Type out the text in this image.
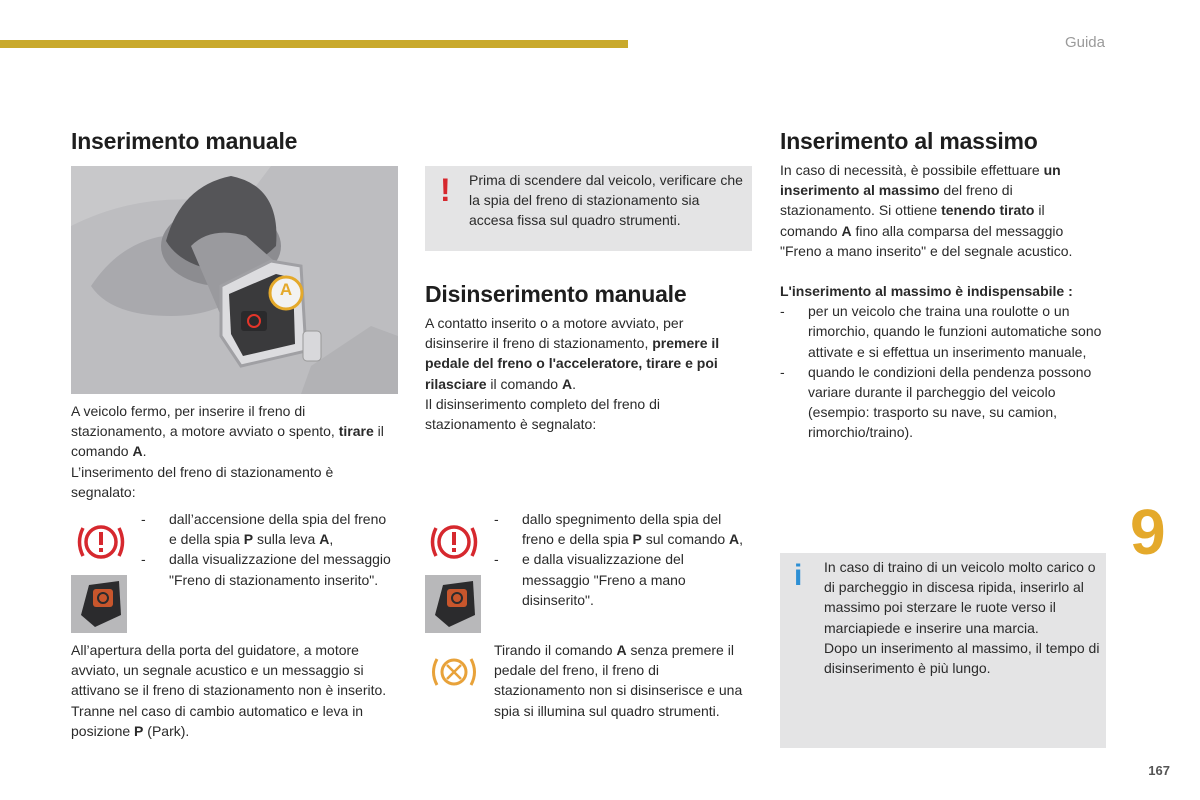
Guida
Inserimento manuale
A

A veicolo fermo, per inserire il freno di stazionamento, a motore avviato o spento, tirare il comando A.

L’inserimento del freno di stazionamento è segnalato:

-	dall’accensione della spia del freno e della spia P sulla leva A,
-	dalla visualizzazione del messaggio "Freno di stazionamento inserito".

All’apertura della porta del guidatore, a motore avviato, un segnale acustico e un messaggio si attivano se il freno di stazionamento non è inserito. Tranne nel caso di cambio automatico e leva in posizione P (Park).

! Prima di scendere dal veicolo, verificare che la spia del freno di stazionamento sia accesa fissa sul quadro strumenti.
Disinserimento manuale

A contatto inserito o a motore avviato, per disinserire il freno di stazionamento, premere il pedale del freno o l'acceleratore, tirare e poi rilasciare il comando A.

Il disinserimento completo del freno di stazionamento è segnalato:

-	dallo spegnimento della spia del freno e della spia P sul comando A,
-	e dalla visualizzazione del messaggio "Freno a mano disinserito".

Tirando il comando A senza premere il pedale del freno, il freno di stazionamento non si disinserisce e una spia si illumina sul quadro strumenti.

Inserimento al massimo

In caso di necessità, è possibile effettuare un inserimento al massimo del freno di stazionamento. Si ottiene tenendo tirato il comando A fino alla comparsa del messaggio "Freno a mano inserito" e del segnale acustico.

L'inserimento al massimo è indispensabile :

-	per un veicolo che traina una roulotte o un rimorchio, quando le funzioni automatiche sono attivate e si effettua un inserimento manuale,
-	quando le condizioni della pendenza possono variare durante il parcheggio del veicolo (esempio: trasporto su nave, su camion, rimorchio/traino).
i In caso di traino di un veicolo molto carico o di parcheggio in discesa ripida, inserirlo al massimo poi sterzare le ruote verso il marciapiede e inserire una marcia.

Dopo un inserimento al massimo, il tempo di disinserimento è più lungo.

9
167
